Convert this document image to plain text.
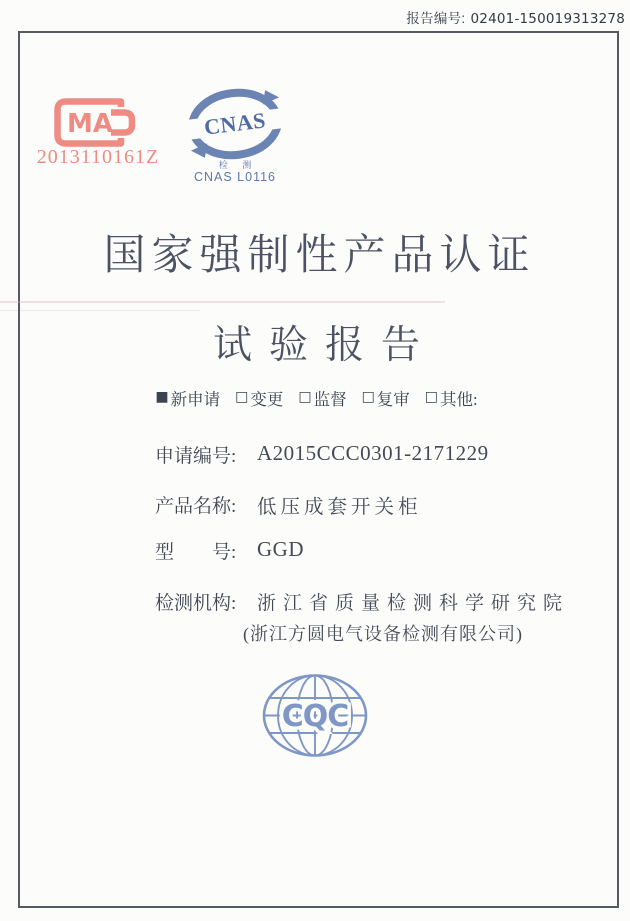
报告编号: 02401-150019313278
MA
2013110161Z
CNAS
检 测
CNAS L0116
国家强制性产品认证
试验报告
■ 新申请 □ 变更 □ 监督 □ 复审 □ 其他:
申请编号: A2015CCC0301-2171229
产品名称: 低压成套开关柜
型　　号: GGD
检测机构: 浙江省质量检测科学研究院
(浙江方圆电气设备检测有限公司)
CQC
